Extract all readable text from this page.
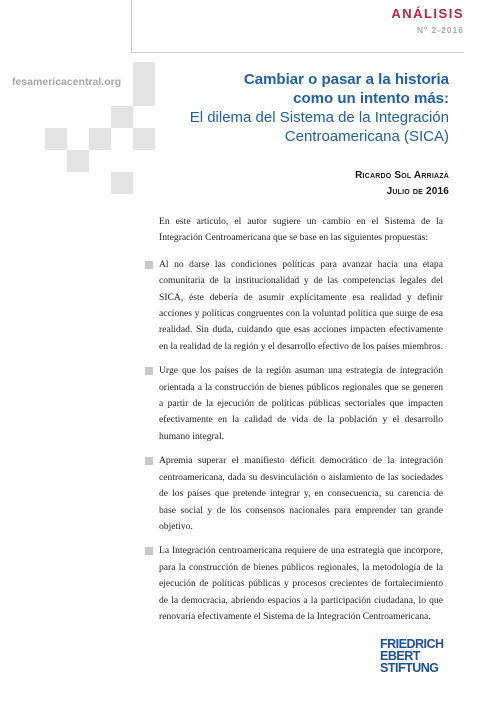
ANÁLISIS
Nº 2-2016
fesamericacentral.org	Cambiar o pasar a la historia
como un intento más:
El dilema del Sistema de la Integración
Centroamericana (SICA)
Ricardo Sol Arriaza
Julio de 2016

En este artículo, el autor sugiere un cambio en el Sistema de la Integración Centroamericana que se base en las siguientes propuestas:

Al no darse las condiciones políticas para avanzar hacia una etapa comunitaria de la institucionalidad y de las competencias legales del SICA, éste debería de asumir explícitamente esa realidad y definir acciones y políticas congruentes con la voluntad política que surge de esa realidad. Sin duda, cuidando que esas acciones impacten efectivamente en la realidad de la región y el desarrollo efectivo de los países miembros.

Urge que los países de la región asuman una estrategia de integración orientada a la construcción de bienes públicos regionales que se generen a partir de la ejecución de políticas públicas sectoriales que impacten efectivamente en la calidad de vida de la población y el desarrollo humano integral.

Apremia superar el manifiesto déficit democrático de la integración centroamericana, dada su desvinculación o aislamiento de las sociedades de los países que pretende integrar y, en consecuencia, su carencia de base social y de los consensos nacionales para emprender tan grande objetivo.

La Integración centroamericana requiere de una estrategia que incorpore, para la construcción de bienes públicos regionales, la metodología de la ejecución de políticas públicas y procesos crecientes de fortalecimiento de la democracia, abriendo espacios a la participación ciudadana, lo que renovaría efectivamente el Sistema de la Integración Centroamericana.

FRIEDRICH
EBERT
STIFTUNG
